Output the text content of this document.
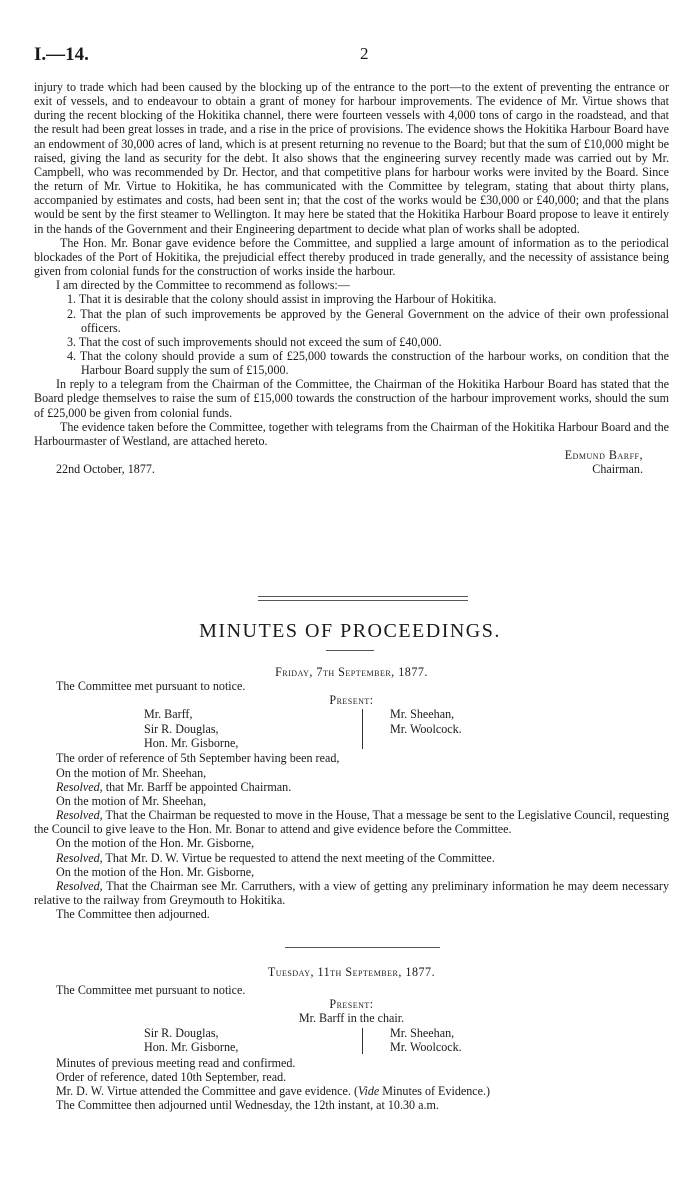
I.—14.	2

injury to trade which had been caused by the blocking up of the entrance to the port—to the extent of preventing the entrance or exit of vessels, and to endeavour to obtain a grant of money for harbour improvements. The evidence of Mr. Virtue shows that during the recent blocking of the Hokitika channel, there were fourteen vessels with 4,000 tons of cargo in the roadstead, and that the result had been great losses in trade, and a rise in the price of provisions. The evidence shows the Hokitika Harbour Board have an endowment of 30,000 acres of land, which is at present returning no revenue to the Board; but that the sum of £10,000 might be raised, giving the land as security for the debt. It also shows that the engineering survey recently made was carried out by Mr. Campbell, who was recommended by Dr. Hector, and that competitive plans for harbour works were invited by the Board. Since the return of Mr. Virtue to Hokitika, he has communicated with the Committee by telegram, stating that about thirty plans, accompanied by estimates and costs, had been sent in; that the cost of the works would be £30,000 or £40,000; and that the plans would be sent by the first steamer to Wellington. It may here be stated that the Hokitika Harbour Board propose to leave it entirely in the hands of the Government and their Engineering department to decide what plan of works shall be adopted.

The Hon. Mr. Bonar gave evidence before the Committee, and supplied a large amount of information as to the periodical blockades of the Port of Hokitika, the prejudicial effect thereby produced in trade generally, and the necessity of assistance being given from colonial funds for the construction of works inside the harbour.

I am directed by the Committee to recommend as follows:—

1. That it is desirable that the colony should assist in improving the Harbour of Hokitika.

2. That the plan of such improvements be approved by the General Government on the advice of their own professional officers.

3. That the cost of such improvements should not exceed the sum of £40,000.

4. That the colony should provide a sum of £25,000 towards the construction of the harbour works, on condition that the Harbour Board supply the sum of £15,000.

In reply to a telegram from the Chairman of the Committee, the Chairman of the Hokitika Harbour Board has stated that the Board pledge themselves to raise the sum of £15,000 towards the construction of the harbour improvement works, should the sum of £25,000 be given from colonial funds.

The evidence taken before the Committee, together with telegrams from the Chairman of the Hokitika Harbour Board and the Harbourmaster of Westland, are attached hereto.

Edmund Barff,
22nd October, 1877.	Chairman.
MINUTES OF PROCEEDINGS.

Friday, 7th September, 1877.

The Committee met pursuant to notice.

Present:

Mr. Barff,
Sir R. Douglas,
Hon. Mr. Gisborne,
Mr. Sheehan,
Mr. Woolcock.

The order of reference of 5th September having been read,

On the motion of Mr. Sheehan,

Resolved, that Mr. Barff be appointed Chairman.

On the motion of Mr. Sheehan,

Resolved, That the Chairman be requested to move in the House, That a message be sent to the Legislative Council, requesting the Council to give leave to the Hon. Mr. Bonar to attend and give evidence before the Committee.

On the motion of the Hon. Mr. Gisborne,

Resolved, That Mr. D. W. Virtue be requested to attend the next meeting of the Committee.

On the motion of the Hon. Mr. Gisborne,

Resolved, That the Chairman see Mr. Carruthers, with a view of getting any preliminary information he may deem necessary relative to the railway from Greymouth to Hokitika.

The Committee then adjourned.

Tuesday, 11th September, 1877.

The Committee met pursuant to notice.

Present:

Mr. Barff in the chair.

Sir R. Douglas,
Hon. Mr. Gisborne,
Mr. Sheehan,
Mr. Woolcock.

Minutes of previous meeting read and confirmed.

Order of reference, dated 10th September, read.

Mr. D. W. Virtue attended the Committee and gave evidence. (Vide Minutes of Evidence.)

The Committee then adjourned until Wednesday, the 12th instant, at 10.30 a.m.
